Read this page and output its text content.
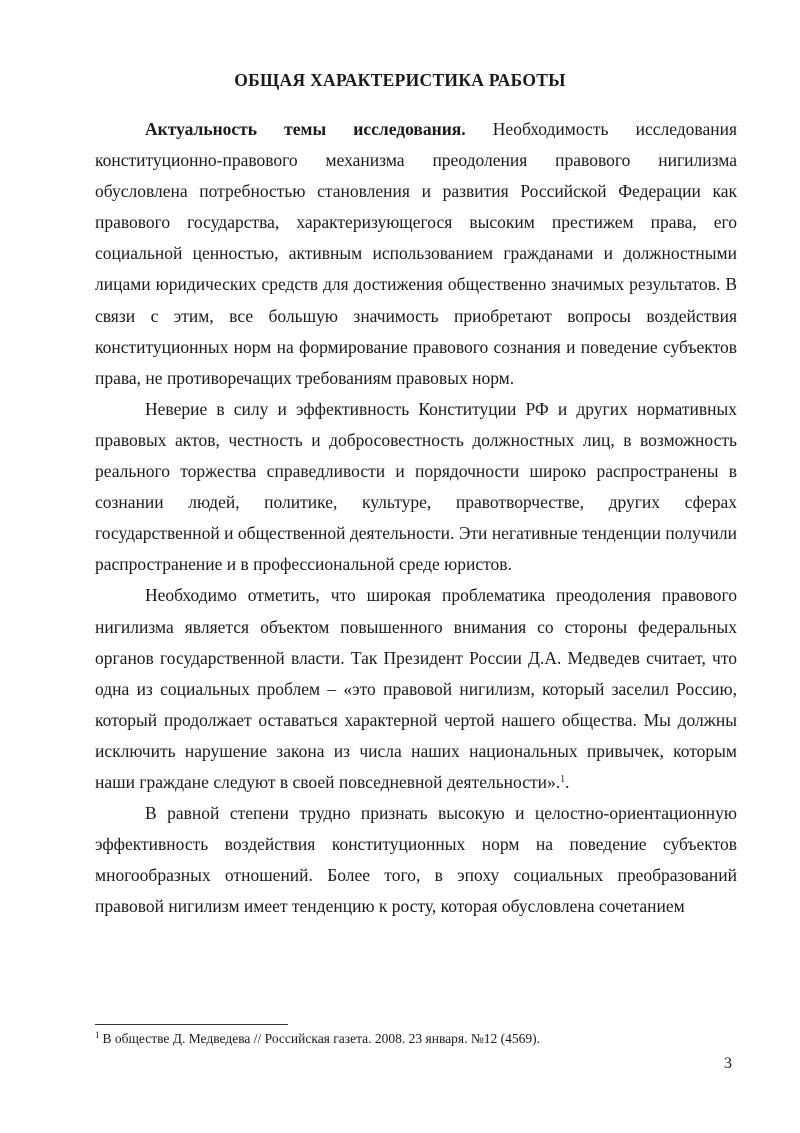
ОБЩАЯ ХАРАКТЕРИСТИКА РАБОТЫ

Актуальность темы исследования. Необходимость исследования конституционно-правового механизма преодоления правового нигилизма обусловлена потребностью становления и развития Российской Федерации как правового государства, характеризующегося высоким престижем права, его социальной ценностью, активным использованием гражданами и должностными лицами юридических средств для достижения общественно значимых результатов. В связи с этим, все большую значимость приобретают вопросы воздействия конституционных норм на формирование правового сознания и поведение субъектов права, не противоречащих требованиям правовых норм.

Неверие в силу и эффективность Конституции РФ и других нормативных правовых актов, честность и добросовестность должностных лиц, в возможность реального торжества справедливости и порядочности широко распространены в сознании людей, политике, культуре, правотворчестве, других сферах государственной и общественной деятельности. Эти негативные тенденции получили распространение и в профессиональной среде юристов.

Необходимо отметить, что широкая проблематика преодоления правового нигилизма является объектом повышенного внимания со стороны федеральных органов государственной власти. Так Президент России Д.А. Медведев считает, что одна из социальных проблем – «это правовой нигилизм, который заселил Россию, который продолжает оставаться характерной чертой нашего общества. Мы должны исключить нарушение закона из числа наших национальных привычек, которым наши граждане следуют в своей повседневной деятельности».$^1$.

В равной степени трудно признать высокую и целостно-ориентационную эффективность воздействия конституционных норм на поведение субъектов многообразных отношений. Более того, в эпоху социальных преобразований правовой нигилизм имеет тенденцию к росту, которая обусловлена сочетанием

$^1$ В обществе Д. Медведева // Российская газета. 2008. 23 января. №12 (4569).
3
